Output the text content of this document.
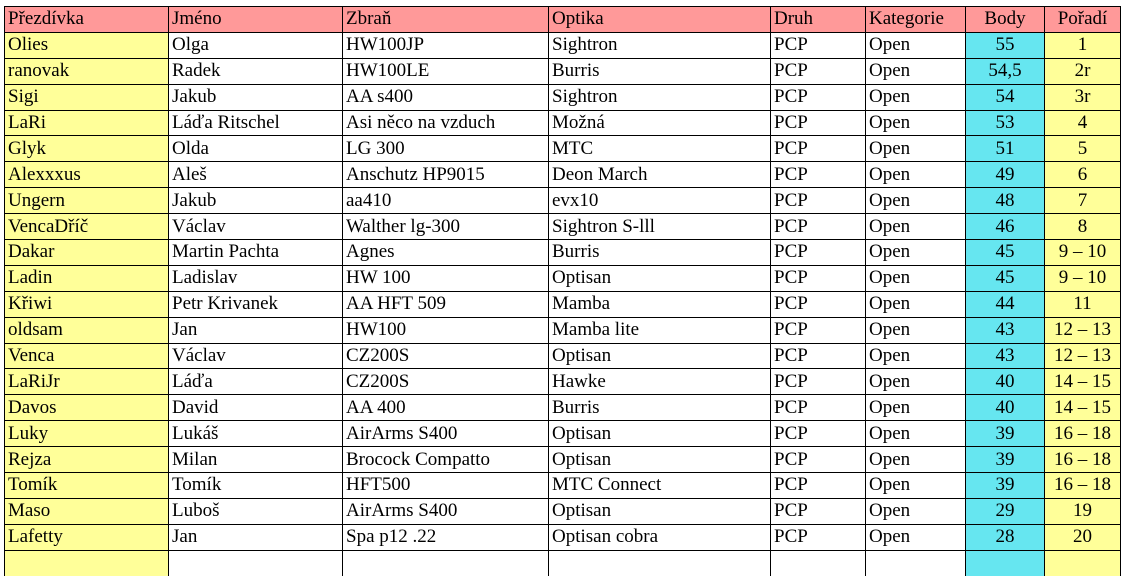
Přezdívka	Jméno	Zbraň	Optika	Druh	Kategorie	Body	Pořadí
Olies	Olga	HW100JP	Sightron	PCP	Open	55	1
ranovak	Radek	HW100LE	Burris	PCP	Open	54,5	2r
Sigi	Jakub	AA s400	Sightron	PCP	Open	54	3r
LaRi	Láďa Ritschel	Asi něco na vzduch	Možná	PCP	Open	53	4
Glyk	Olda	LG 300	MTC	PCP	Open	51	5
Alexxxus	Aleš	Anschutz HP9015	Deon March	PCP	Open	49	6
Ungern	Jakub	aa410	evx10	PCP	Open	48	7
VencaDříč	Václav	Walther lg-300	Sightron S-lll	PCP	Open	46	8
Dakar	Martin Pachta	Agnes	Burris	PCP	Open	45	9 – 10
Ladin	Ladislav	HW 100	Optisan	PCP	Open	45	9 – 10
Křiwi	Petr Krivanek	AA HFT 509	Mamba	PCP	Open	44	11
oldsam	Jan	HW100	Mamba lite	PCP	Open	43	12 – 13
Venca	Václav	CZ200S	Optisan	PCP	Open	43	12 – 13
LaRiJr	Láďa	CZ200S	Hawke	PCP	Open	40	14 – 15
Davos	David	AA 400	Burris	PCP	Open	40	14 – 15
Luky	Lukáš	AirArms S400	Optisan	PCP	Open	39	16 – 18
Rejza	Milan	Brocock Compatto	Optisan	PCP	Open	39	16 – 18
Tomík	Tomík	HFT500	MTC Connect	PCP	Open	39	16 – 18
Maso	Luboš	AirArms S400	Optisan	PCP	Open	29	19
Lafetty	Jan	Spa p12 .22	Optisan cobra	PCP	Open	28	20
